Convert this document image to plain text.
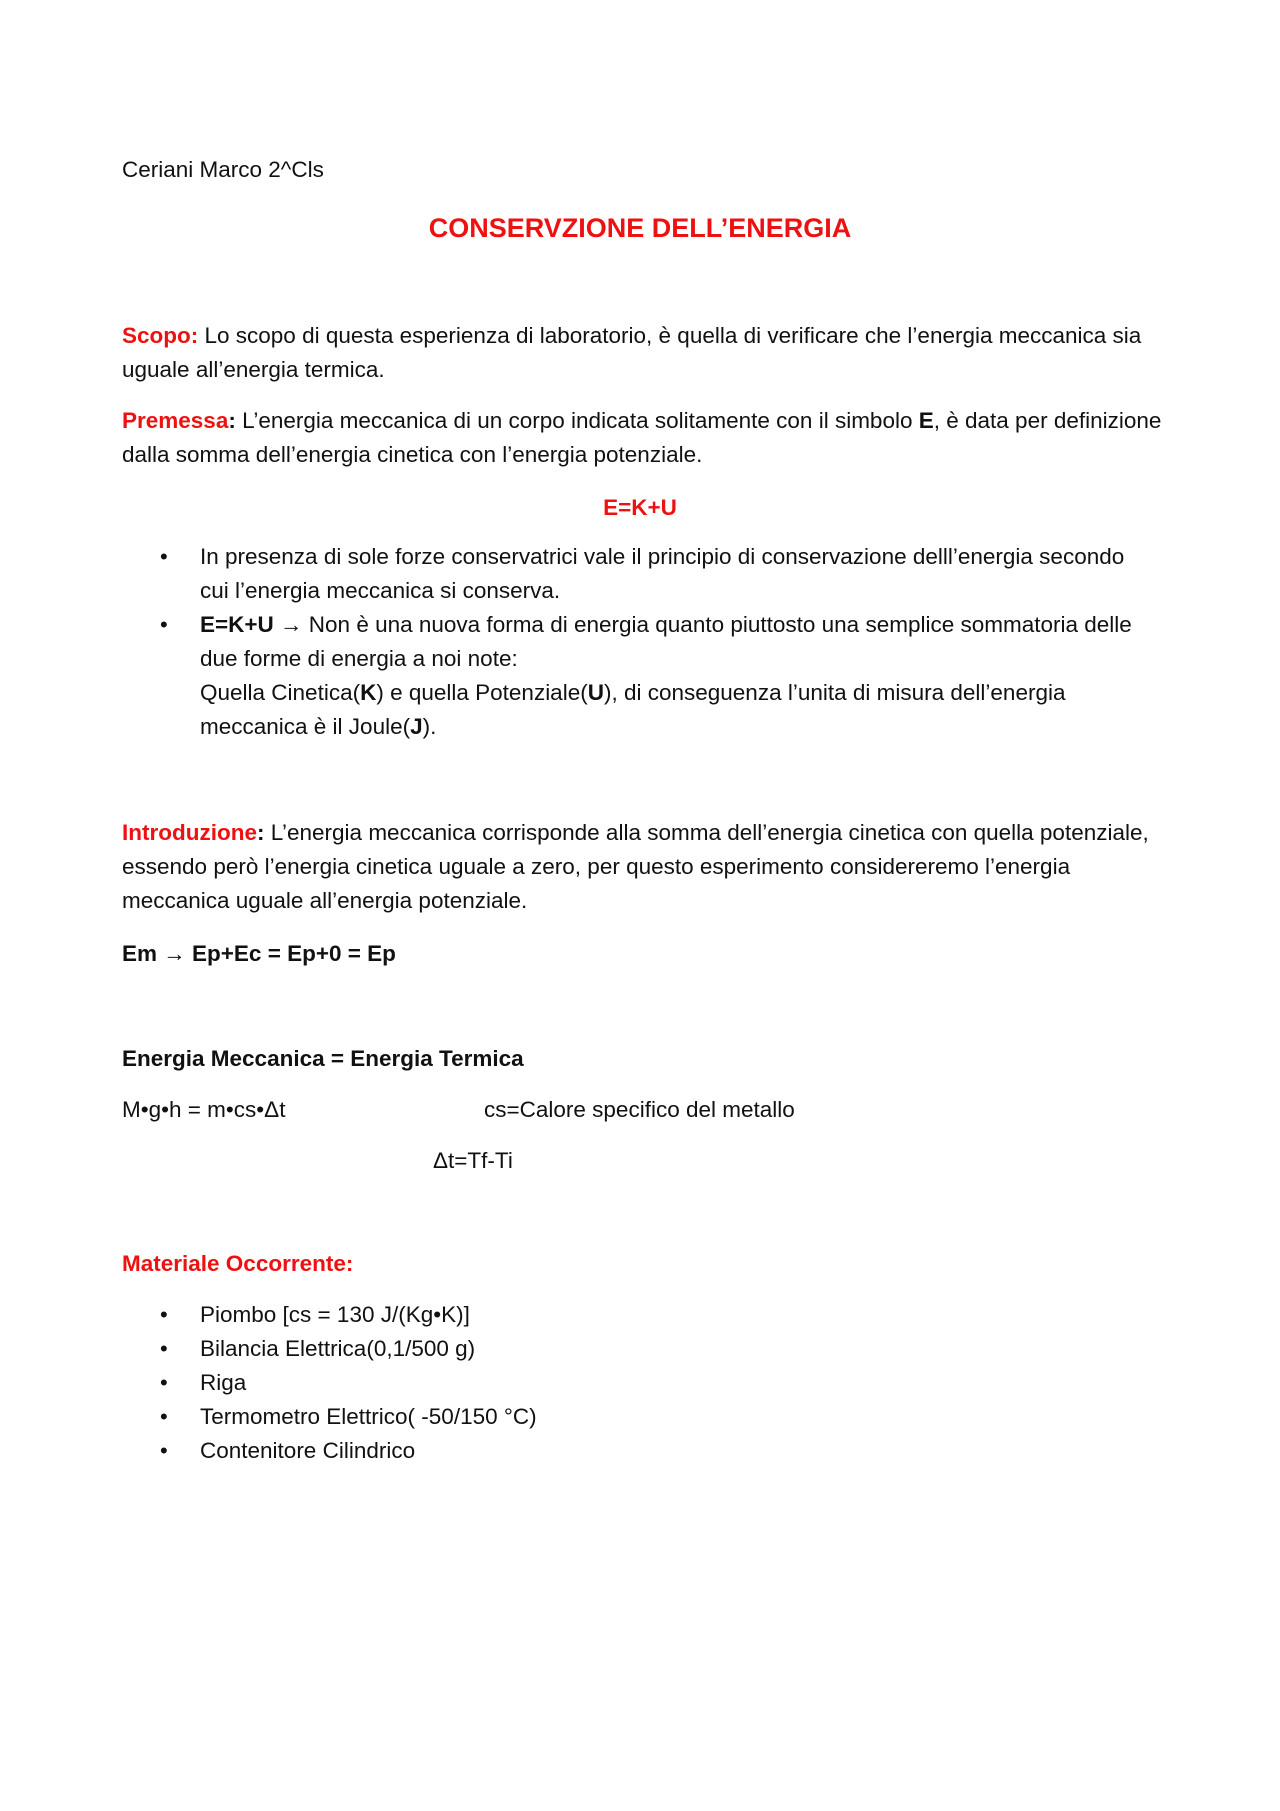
Ceriani Marco 2^Cls
CONSERVZIONE DELL’ENERGIA

Scopo: Lo scopo di questa esperienza di laboratorio, è quella di verificare che l’energia meccanica sia uguale all’energia termica.

Premessa: L’energia meccanica di un corpo indicata solitamente con il simbolo E, è data per definizione dalla somma dell’energia cinetica con l’energia potenziale.

E=K+U
• In presenza di sole forze conservatrici vale il principio di conservazione delll’energia secondo cui l’energia meccanica si conserva.
• E=K+U → Non è una nuova forma di energia quanto piuttosto una semplice sommatoria delle due forme di energia a noi note:
Quella Cinetica(K) e quella Potenziale(U), di conseguenza l’unita di misura dell’energia meccanica è il Joule(J).

Introduzione: L’energia meccanica corrisponde alla somma dell’energia cinetica con quella potenziale, essendo però l’energia cinetica uguale a zero, per questo esperimento considereremo l’energia meccanica uguale all’energia potenziale.

Em → Ep+Ec = Ep+0 = Ep
Energia Meccanica = Energia Termica
M•g•h = m•cs•Δt	cs=Calore specifico del metallo
Δt=Tf-Ti
Materiale Occorrente:
• Piombo [cs = 130 J/(Kg•K)]
• Bilancia Elettrica(0,1/500 g)
• Riga
• Termometro Elettrico( -50/150 °C)
• Contenitore Cilindrico
